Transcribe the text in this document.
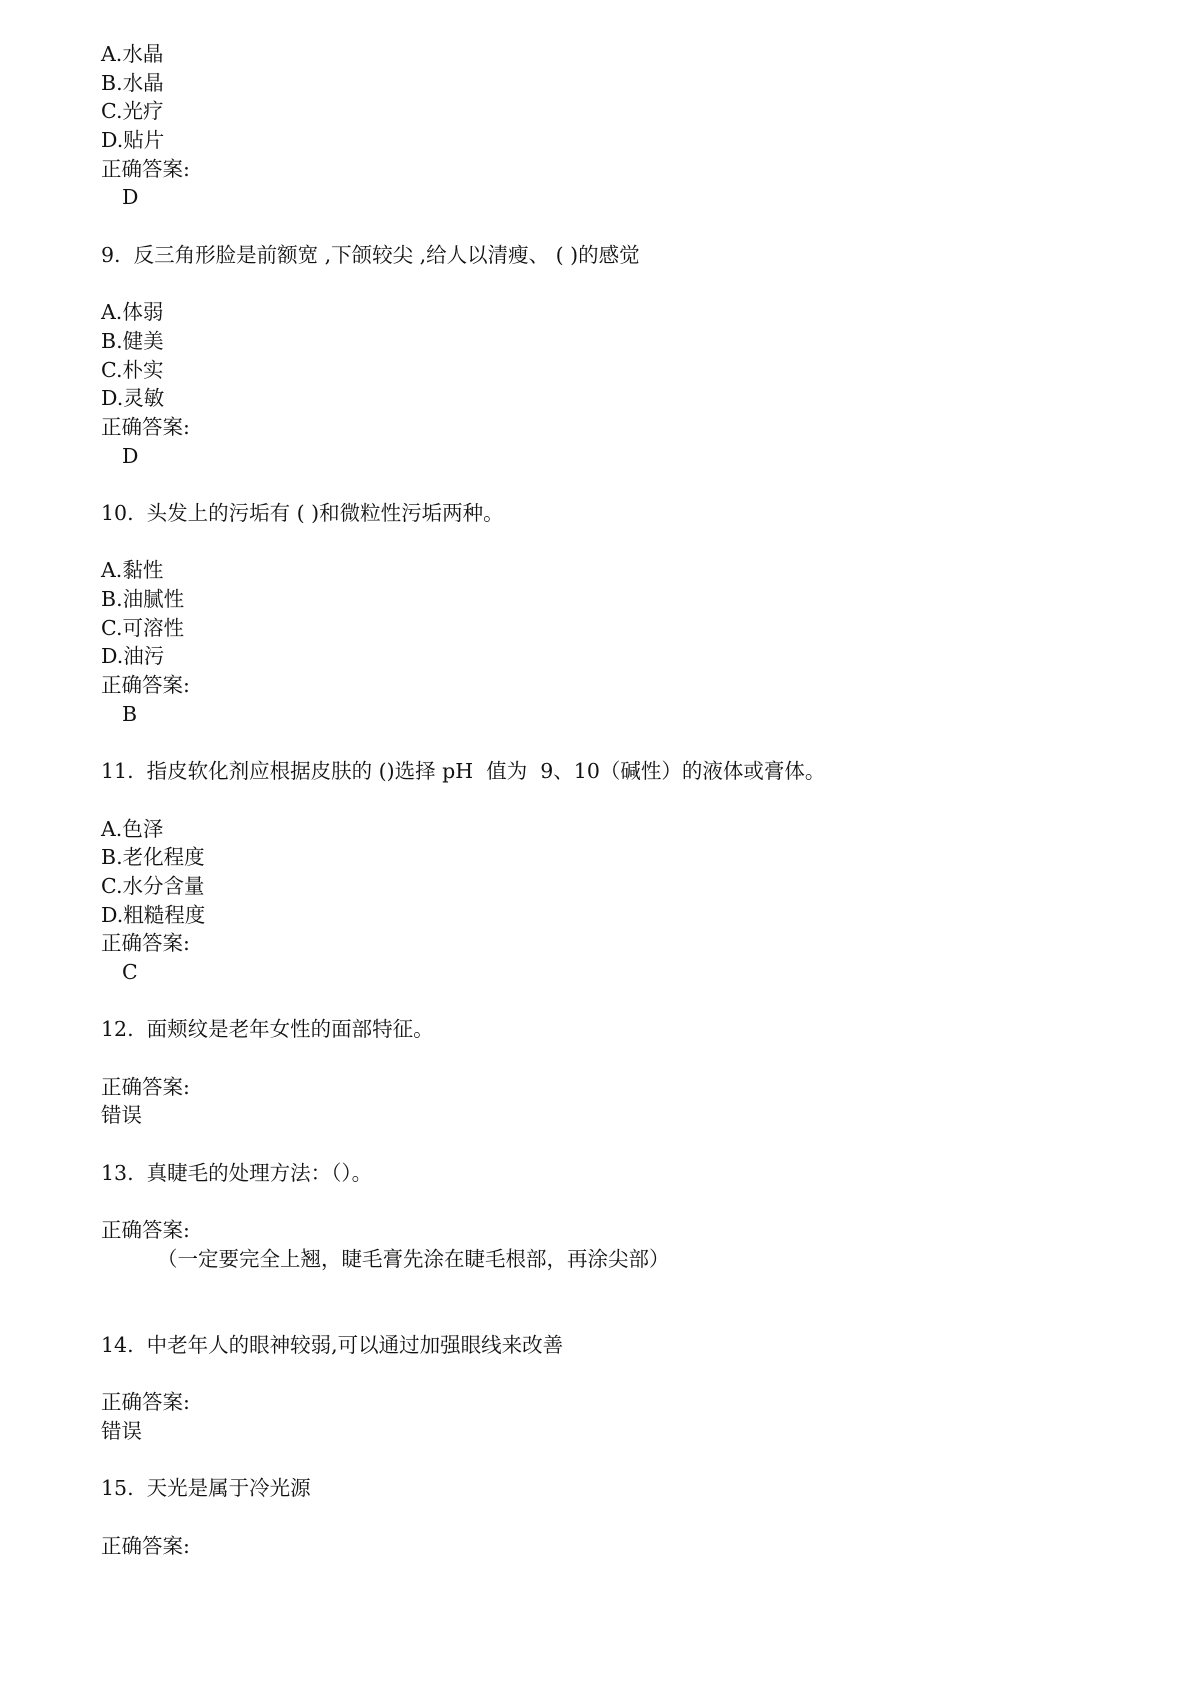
A.水晶
B.水晶
C.光疗
D.贴片
正确答案:
D
9.  反三角形脸是前额宽 ,下颌较尖 ,给人以清瘦、 ( )的感觉
A.体弱
B.健美
C.朴实
D.灵敏
正确答案:
D
10.  头发上的污垢有 ( )和微粒性污垢两种。
A.黏性
B.油腻性
C.可溶性
D.油污
正确答案:
B
11.  指皮软化剂应根据皮肤的 ()选择 pH  值为  9、10（碱性）的液体或膏体。
A.色泽
B.老化程度
C.水分含量
D.粗糙程度
正确答案:
C
12.  面颊纹是老年女性的面部特征。
正确答案:
错误
13.  真睫毛的处理方法：（）。
正确答案:
（一定要完全上翘，睫毛膏先涂在睫毛根部，再涂尖部）
14.  中老年人的眼神较弱,可以通过加强眼线来改善
正确答案:
错误
15.  天光是属于冷光源
正确答案:
